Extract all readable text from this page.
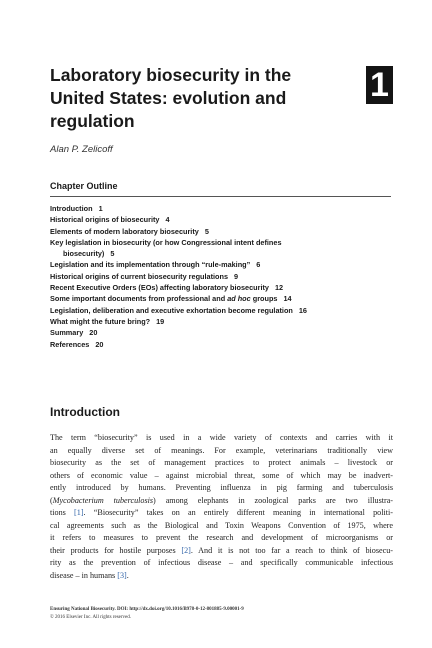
Laboratory biosecurity in the United States: evolution and regulation
1

Alan P. Zelicoff

Chapter Outline
Introduction 1
Historical origins of biosecurity 4
Elements of modern laboratory biosecurity 5
Key legislation in biosecurity (or how Congressional intent defines
biosecurity) 5
Legislation and its implementation through “rule-making” 6
Historical origins of current biosecurity regulations 9
Recent Executive Orders (EOs) affecting laboratory biosecurity 12
Some important documents from professional and ad hoc groups 14
Legislation, deliberation and executive exhortation become regulation 16
What might the future bring? 19
Summary 20
References 20
Introduction
The term “biosecurity” is used in a wide variety of contexts and carries with it
an equally diverse set of meanings. For example, veterinarians traditionally view
biosecurity as the set of management practices to protect animals – livestock or
others of economic value – against microbial threat, some of which may be inadvert-
ently introduced by humans. Preventing influenza in pig farming and tuberculosis
(Mycobacterium tuberculosis) among elephants in zoological parks are two illustra-
tions [1]. “Biosecurity” takes on an entirely different meaning in international politi-
cal agreements such as the Biological and Toxin Weapons Convention of 1975, where
it refers to measures to prevent the research and development of microorganisms or
their products for hostile purposes [2]. And it is not too far a reach to think of biosecu-
rity as the prevention of infectious disease – and specifically communicable infectious
disease – in humans [3].
Ensuring National Biosecurity. DOI: http://dx.doi.org/10.1016/B978-0-12-801885-9.00001-9
© 2016 Elsevier Inc. All rights reserved.
